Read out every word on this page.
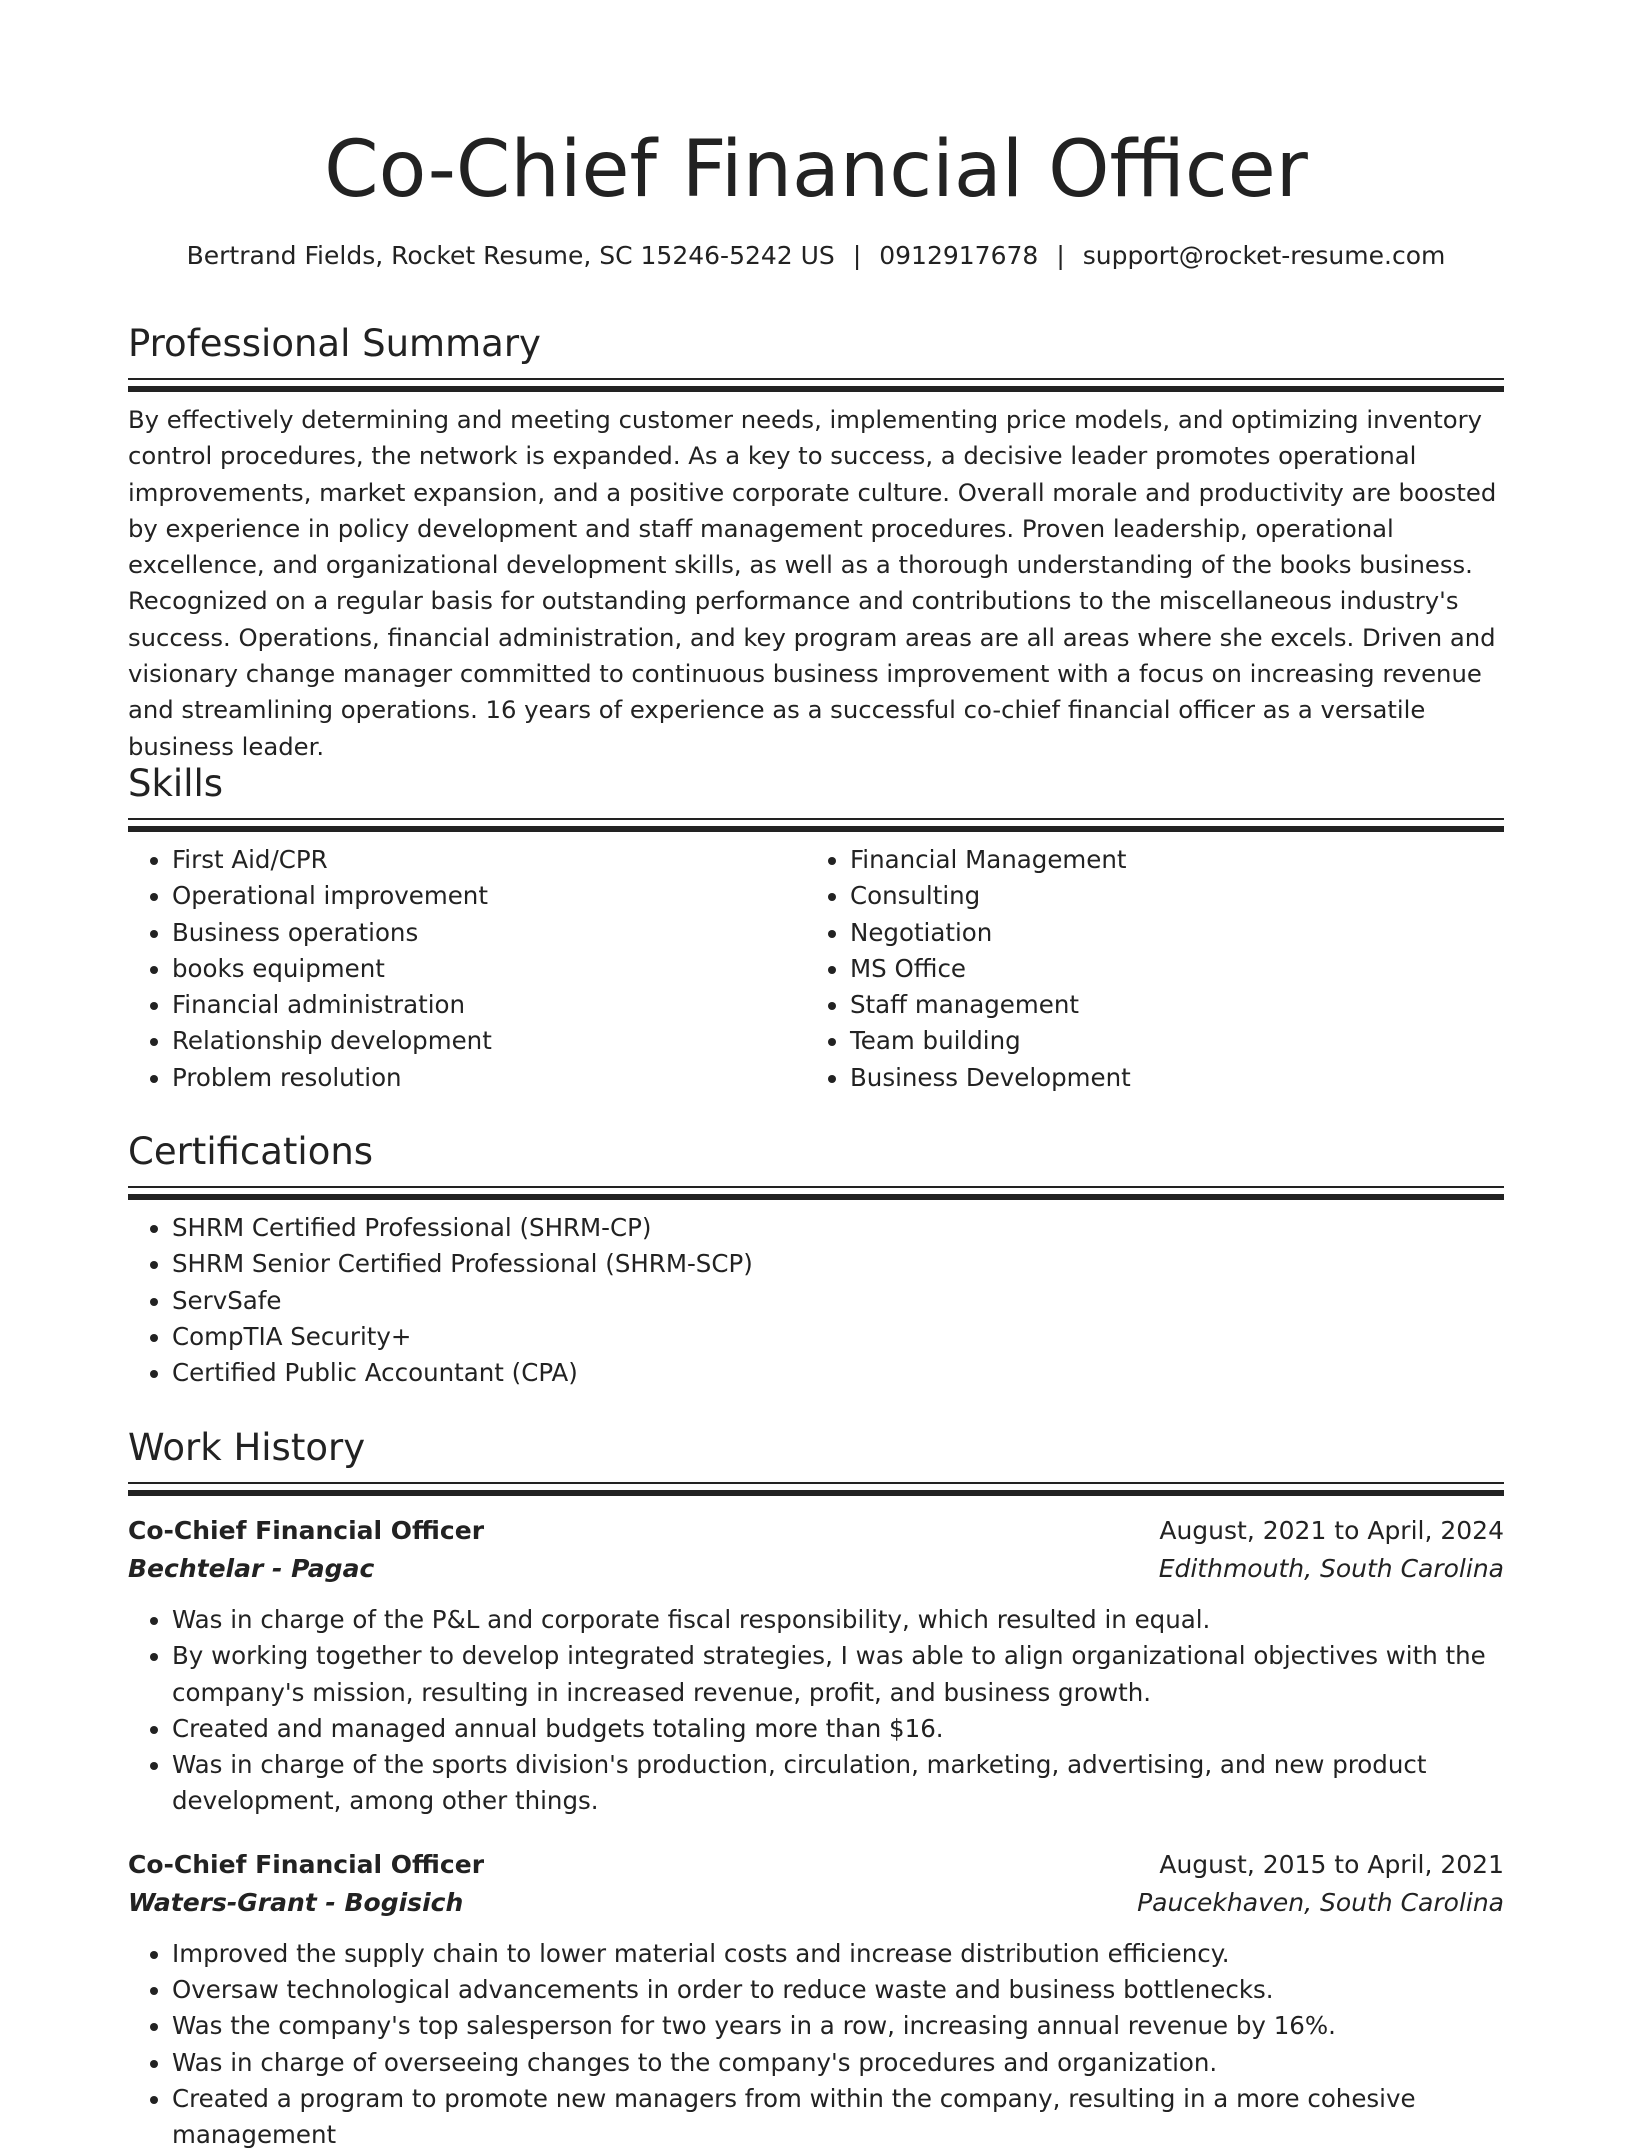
Co-Chief Financial Officer
Bertrand Fields, Rocket Resume, SC 15246-5242 US | 0912917678 | support@rocket-resume.com
Professional Summary

By effectively determining and meeting customer needs, implementing price models, and optimizing inventory control procedures, the network is expanded. As a key to success, a decisive leader promotes operational improvements, market expansion, and a positive corporate culture. Overall morale and productivity are boosted by experience in policy development and staff management procedures. Proven leadership, operational excellence, and organizational development skills, as well as a thorough understanding of the books business. Recognized on a regular basis for outstanding performance and contributions to the miscellaneous industry's success. Operations, financial administration, and key program areas are all areas where she excels. Driven and visionary change manager committed to continuous business improvement with a focus on increasing revenue and streamlining operations. 16 years of experience as a successful co-chief financial officer as a versatile business leader.

Skills
• First Aid/CPR
• Operational improvement
• Business operations
• books equipment
• Financial administration
• Relationship development
• Problem resolution
• Financial Management
• Consulting
• Negotiation
• MS Office
• Staff management
• Team building
• Business Development
Certifications
• SHRM Certified Professional (SHRM-CP)
• SHRM Senior Certified Professional (SHRM-SCP)
• ServSafe
• CompTIA Security+
• Certified Public Accountant (CPA)
Work History
Co-Chief Financial Officer	August, 2021 to April, 2024
Bechtelar - Pagac	Edithmouth, South Carolina
• Was in charge of the P&L and corporate fiscal responsibility, which resulted in equal.
• By working together to develop integrated strategies, I was able to align organizational objectives with the company's mission, resulting in increased revenue, profit, and business growth.
• Created and managed annual budgets totaling more than $16.
• Was in charge of the sports division's production, circulation, marketing, advertising, and new product development, among other things.
Co-Chief Financial Officer	August, 2015 to April, 2021
Waters-Grant - Bogisich	Paucekhaven, South Carolina
• Improved the supply chain to lower material costs and increase distribution efficiency.
• Oversaw technological advancements in order to reduce waste and business bottlenecks.
• Was the company's top salesperson for two years in a row, increasing annual revenue by 16%.
• Was in charge of overseeing changes to the company's procedures and organization.
• Created a program to promote new managers from within the company, resulting in a more cohesive management
